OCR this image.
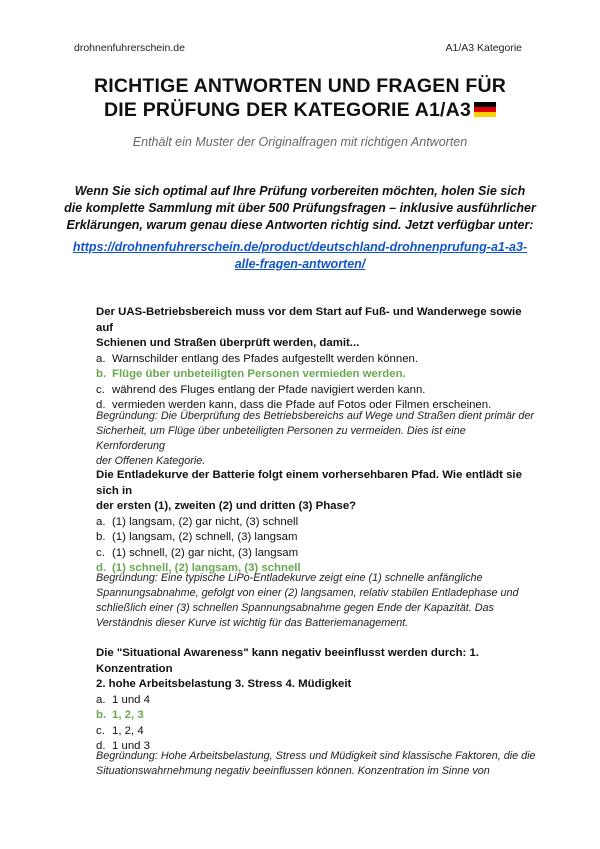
drohnenfuhrerschein.de	A1/A3 Kategorie
RICHTIGE ANTWORTEN UND FRAGEN FÜR
DIE PRÜFUNG DER KATEGORIE A1/A3
Enthält ein Muster der Originalfragen mit richtigen Antworten
Wenn Sie sich optimal auf Ihre Prüfung vorbereiten möchten, holen Sie sich
die komplette Sammlung mit über 500 Prüfungsfragen – inklusive ausführlicher
Erklärungen, warum genau diese Antworten richtig sind. Jetzt verfügbar unter:
https://drohnenfuhrerschein.de/product/deutschland-drohnenprufung-a1-a3-
alle-fragen-antworten/
Der UAS-Betriebsbereich muss vor dem Start auf Fuß- und Wanderwege sowie auf
Schienen und Straßen überprüft werden, damit...
a. Warnschilder entlang des Pfades aufgestellt werden können.
b. Flüge über unbeteiligten Personen vermieden werden.
c. während des Fluges entlang der Pfade navigiert werden kann.
d. vermieden werden kann, dass die Pfade auf Fotos oder Filmen erscheinen.
Begründung: Die Überprüfung des Betriebsbereichs auf Wege und Straßen dient primär der
Sicherheit, um Flüge über unbeteiligten Personen zu vermeiden. Dies ist eine Kernforderung
der Offenen Kategorie.
Die Entladekurve der Batterie folgt einem vorhersehbaren Pfad. Wie entlädt sie sich in
der ersten (1), zweiten (2) und dritten (3) Phase?
a. (1) langsam, (2) gar nicht, (3) schnell
b. (1) langsam, (2) schnell, (3) langsam
c. (1) schnell, (2) gar nicht, (3) langsam
d. (1) schnell, (2) langsam, (3) schnell
Begründung: Eine typische LiPo-Entladekurve zeigt eine (1) schnelle anfängliche
Spannungsabnahme, gefolgt von einer (2) langsamen, relativ stabilen Entladephase und
schließlich einer (3) schnellen Spannungsabnahme gegen Ende der Kapazität. Das
Verständnis dieser Kurve ist wichtig für das Batteriemanagement.
Die "Situational Awareness" kann negativ beeinflusst werden durch: 1. Konzentration
2. hohe Arbeitsbelastung 3. Stress 4. Müdigkeit
a. 1 und 4
b. 1, 2, 3
c. 1, 2, 4
d. 1 und 3
Begründung: Hohe Arbeitsbelastung, Stress und Müdigkeit sind klassische Faktoren, die die
Situationswahrnehmung negativ beeinflussen können. Konzentration im Sinne von
